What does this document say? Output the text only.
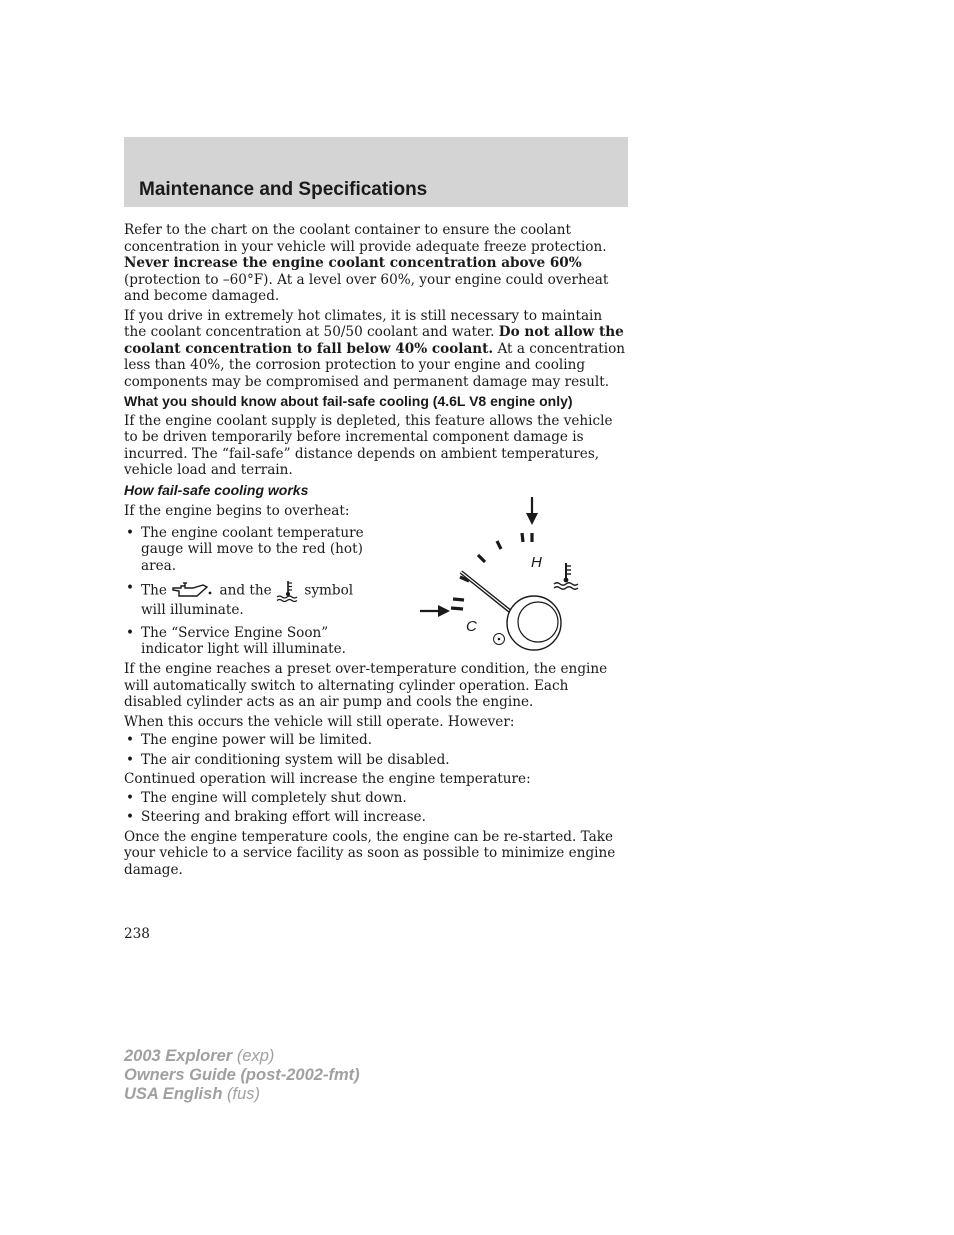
Maintenance and Specifications

Refer to the chart on the coolant container to ensure the coolant concentration in your vehicle will provide adequate freeze protection. Never increase the engine coolant concentration above 60% (protection to –60°F). At a level over 60%, your engine could overheat and become damaged.

If you drive in extremely hot climates, it is still necessary to maintain the coolant concentration at 50/50 coolant and water. Do not allow the coolant concentration to fall below 40% coolant. At a concentration less than 40%, the corrosion protection to your engine and cooling components may be compromised and permanent damage may result.

What you should know about fail-safe cooling (4.6L V8 engine only)

If the engine coolant supply is depleted, this feature allows the vehicle to be driven temporarily before incremental component damage is incurred. The “fail-safe” distance depends on ambient temperatures, vehicle load and terrain.

How fail-safe cooling works

If the engine begins to overheat:

• The engine coolant temperature gauge will move to the red (hot) area.
• The	and the symbol will illuminate.
• The “Service Engine Soon” indicator light will illuminate.
H
C

If the engine reaches a preset over-temperature condition, the engine will automatically switch to alternating cylinder operation. Each disabled cylinder acts as an air pump and cools the engine.

When this occurs the vehicle will still operate. However:

• The engine power will be limited.
• The air conditioning system will be disabled.

Continued operation will increase the engine temperature:

• The engine will completely shut down.
• Steering and braking effort will increase.

Once the engine temperature cools, the engine can be re-started. Take your vehicle to a service facility as soon as possible to minimize engine damage.

238
2003 Explorer (exp)
Owners Guide (post-2002-fmt)
USA English (fus)
